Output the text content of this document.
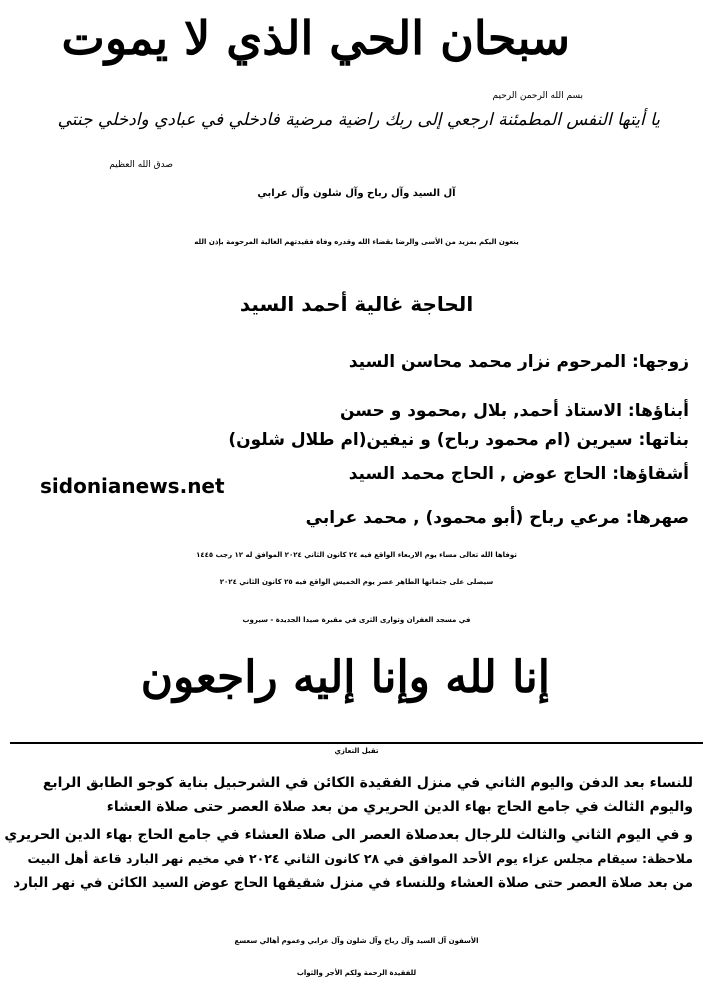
سبحان الحي الذي لا يموت
بسم الله الرحمن الرحيم
يا أيتها النفس المطمئنة ارجعي إلى ربك راضية مرضية فادخلي في عبادي وادخلي جنتي
صدق الله العظيم
آل السيد وآل رباح وآل شلون وآل عرابي
ينعون اليكم بمزيد من الأسى والرضا بقضاء الله وقدره وفاة فقيدتهم الغالية المرحومة بإذن الله
الحاجة غالية أحمد السيد
زوجها: المرحوم نزار محمد محاسن السيد
أبناؤها: الاستاذ أحمد, بلال ,محمود و حسن
بناتها: سيرين (ام محمود رباح) و نيفين(ام طلال شلون)
أشقاؤها: الحاج عوض , الحاج محمد السيد
صهرها: مرعي رباح (أبو محمود) , محمد عرابي
sidonianews.net
توفاها الله تعالى مساء يوم الاربعاء الواقع فيه ٢٤ كانون الثاني ٢٠٢٤ الموافق له ١٢ رجب ١٤٤٥
سيصلى على جثمانها الطاهر عصر يوم الخميس الواقع فيه ٢٥ كانون الثاني ٢٠٢٤
في مسجد الغفران وتوارى الثرى في مقبرة صيدا الجديدة - سيروب
إنا لله وإنا إليه راجعون
تقبل التعازي
للنساء بعد الدفن واليوم الثاني في منزل الفقيدة الكائن في الشرحبيل بناية كوجو الطابق الرابع
واليوم الثالث في جامع الحاج بهاء الدين الحريري من بعد صلاة العصر حتى صلاة العشاء
و في اليوم الثاني والثالث للرجال بعدصلاة العصر الى صلاة العشاء في جامع الحاج بهاء الدين الحريري
ملاحظة: سيقام مجلس عزاء يوم الأحد الموافق في ٢٨ كانون الثاني ٢٠٢٤ في مخيم نهر البارد قاعة أهل البيت
من بعد صلاة العصر حتى صلاة العشاء وللنساء في منزل شقيقها الحاج عوض السيد الكائن في نهر البارد
الأسفون آل السيد وآل رباح وآل شلون وآل عرابي وعموم أهالي سعسع
للفقيدة الرحمة ولكم الأجر والثواب
